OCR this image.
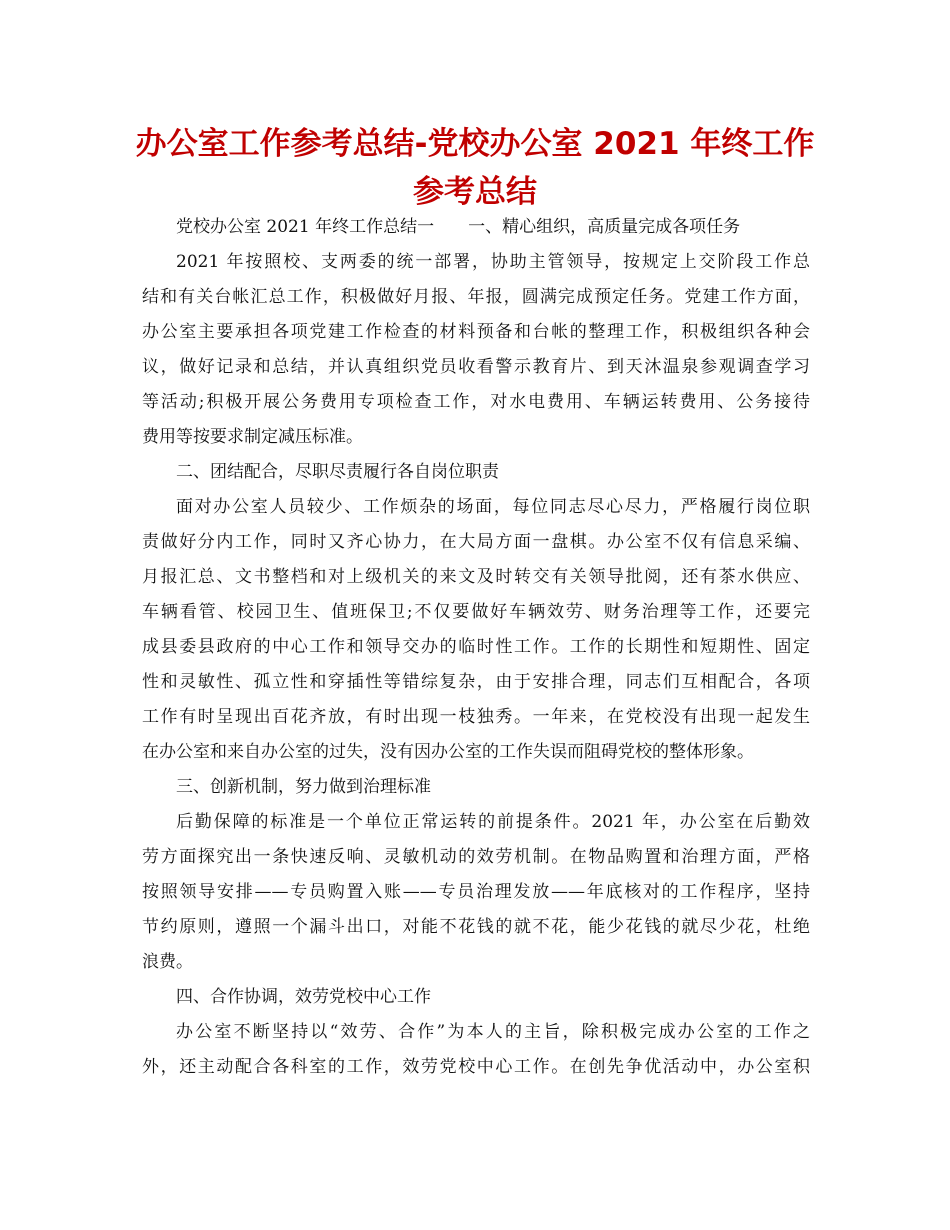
办公室工作参考总结-党校办公室 2021 年终工作
参考总结
党校办公室 2021 年终工作总结一　　一、精心组织，高质量完成各项任务
2021 年按照校、支两委的统一部署，协助主管领导，按规定上交阶段工作总
结和有关台帐汇总工作，积极做好月报、年报，圆满完成预定任务。党建工作方面，
办公室主要承担各项党建工作检查的材料预备和台帐的整理工作，积极组织各种会
议，做好记录和总结，并认真组织党员收看警示教育片、到天沐温泉参观调查学习
等活动;积极开展公务费用专项检查工作，对水电费用、车辆运转费用、公务接待
费用等按要求制定减压标准。
二、团结配合，尽职尽责履行各自岗位职责
面对办公室人员较少、工作烦杂的场面，每位同志尽心尽力，严格履行岗位职
责做好分内工作，同时又齐心协力，在大局方面一盘棋。办公室不仅有信息采编、
月报汇总、文书整档和对上级机关的来文及时转交有关领导批阅，还有茶水供应、
车辆看管、校园卫生、值班保卫;不仅要做好车辆效劳、财务治理等工作，还要完
成县委县政府的中心工作和领导交办的临时性工作。工作的长期性和短期性、固定
性和灵敏性、孤立性和穿插性等错综复杂，由于安排合理，同志们互相配合，各项
工作有时呈现出百花齐放，有时出现一枝独秀。一年来，在党校没有出现一起发生
在办公室和来自办公室的过失，没有因办公室的工作失误而阻碍党校的整体形象。
三、创新机制，努力做到治理标准
后勤保障的标准是一个单位正常运转的前提条件。2021 年，办公室在后勤效
劳方面探究出一条快速反响、灵敏机动的效劳机制。在物品购置和治理方面，严格
按照领导安排——专员购置入账——专员治理发放——年底核对的工作程序，坚持
节约原则，遵照一个漏斗出口，对能不花钱的就不花，能少花钱的就尽少花，杜绝
浪费。
四、合作协调，效劳党校中心工作
办公室不断坚持以“效劳、合作”为本人的主旨，除积极完成办公室的工作之
外，还主动配合各科室的工作，效劳党校中心工作。在创先争优活动中，办公室积
